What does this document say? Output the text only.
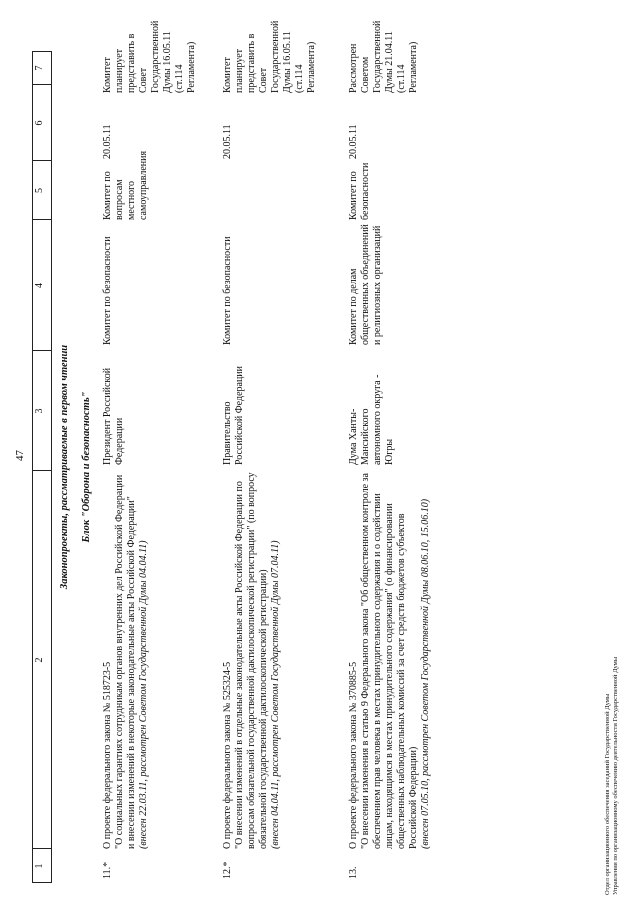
47
1
2
3
4
5
6
7
Законопроекты, рассматриваемые в первом чтении Блок "Оборона и безопасность"
11.*

О проекте федерального закона № 518723-5 "О социальных гарантиях сотрудникам органов внутренних дел Российской Федерации и внесении изменений в некоторые законодательные акты Российской Федерации" (внесен 22.03.11, рассмотрен Советом Государственной Думы 04.04.11)

Президент Российской Федерации
Комитет по безопасности
Комитет по вопросам местного самоуправления
20.05.11
Комитет планирует представить в Совет Государственной Думы 16.05.11 (ст.114 Регламента)
12.*

О проекте федерального закона № 525324-5 "О внесении изменений в отдельные законодательные акты Российской Федерации по вопросам обязательной государственной дактилоскопической регистрации" (по вопросу обязательной государственной дактилоскопической регистрации) (внесен 04.04.11, рассмотрен Советом Государственной Думы 07.04.11)

Правительство Российской Федерации
Комитет по безопасности
20.05.11
Комитет планирует представить в Совет Государственной Думы 16.05.11 (ст.114 Регламента)
13.

О проекте федерального закона № 370885-5 "О внесении изменения в статью 9 Федерального закона "Об общественном контроле за обеспечением прав человека в местах принудительного содержания и о содействии лицам, находящимся в местах принудительного содержания" (о финансировании общественных наблюдательных комиссий за счет средств бюджетов субъектов Российской Федерации) (внесен 07.05.10, рассмотрен Советом Государственной Думы 08.06.10, 15.06.10)

Дума Ханты-Мансийского автономного округа - Югры
Комитет по делам общественных объединений и религиозных организаций
Комитет по безопасности
20.05.11
Рассмотрен Советом Государственной Думы 21.04.11 (ст.114 Регламента)
Отдел организационного обеспечения заседаний Государственной Думы Управления по организационному обеспечению деятельности Государственной Думы
